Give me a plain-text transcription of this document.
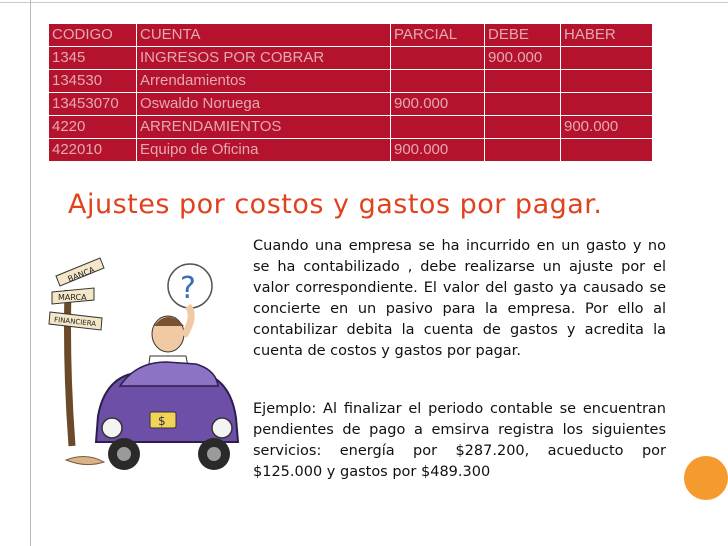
CODIGO	CUENTA	PARCIAL	DEBE	HABER
1345	INGRESOS POR COBRAR		900.000	
134530	Arrendamientos			
13453070	Oswaldo Noruega	900.000		
4220	ARRENDAMIENTOS			900.000
422010	Equipo de Oficina	900.000		
Ajustes por costos y gastos por pagar.
Cuando una empresa se ha incurrido en un gasto y no se ha contabilizado , debe realizarse un ajuste por el valor correspondiente. El valor del gasto ya causado se concierte en un pasivo para la empresa. Por ello al contabilizar debita la cuenta de gastos y acredita la cuenta de costos y gastos por pagar.
Ejemplo: Al finalizar el periodo contable se encuentran pendientes de pago a emsirva registra los siguientes servicios: energía por $287.200, acueducto por $125.000 y gastos por $489.300
BANCA
MARCA
FINANCIERA
?
$
